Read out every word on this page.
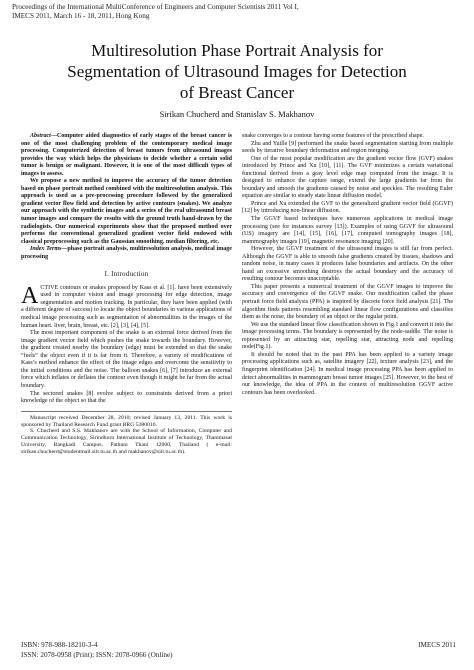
Proceedings of the International MultiConference of Engineers and Computer Scientists 2011 Vol I,
IMECS 2011, March 16 - 18, 2011, Hong Kong
Multiresolution Phase Portrait Analysis for
Segmentation of Ultrasound Images for Detection
of Breast Cancer
Sirikan Chucherd and Stanislav S. Makhanov

Abstract—Computer aided diagnostics of early stages of the breast cancer is one of the most challenging problem of the contemporary medical image processing. Computerized detection of breast tumors from ultrasound images provides the way which helps the physicians to decide whether a certain solid tumor is benign or malignant. However, it is one of the most difficult types of images to assess.

We propose a new method to improve the accuracy of the tumor detection based on phase portrait method combined with the multiresolution analysis. This approach is used as a pre-processing procedure followed by the generalized gradient vector flow field and detection by active contours (snakes). We analyze our approach with the synthetic images and a series of the real ultrasound breast tumor images and compare the results with the ground truth hand-drawn by the radiologists. Our numerical experiments show that the proposed method over performs the conventional generalized gradient vector field endowed with classical preprocessing such as the Gaussian smoothing, median filtering, etc.

Index Terms—phase portrait analysis, multiresolution analysis, medical image processing

I. Introduction

ACTIVE contours or snakes proposed by Kass et al. [1]. have been extensively used in computer vision and image processing for edge detection, image segmentation and motion tracking. In particular, they have been applied (with a different degree of success) to locate the object boundaries in various applications of medical image processing such as segmentation of abnormalities in the images of the human heart. liver, brain, breast, etc. [2], [3], [4], [5].

The most important component of the snake is an external force derived from the image gradient vector field which pushes the snake towards the boundary. However, the gradient created nearby the boundary (edge) must be extended so that the snake “feels” the object even if it is far from it. Therefore, a variety of modifications of Kass’s method enhance the effect of the image edges and overcome the sensitivity to the initial conditions and the noise. The balloon snakes [6], [7] introduce an external force which inflates or deflates the contour even though it might be far from the actual boundary.

The sectored snakes [8] evolve subject to constraints derived from a priori knowledge of the object so that the

Manuscript received December 28, 2010; revised January 13, 2011. This work is sponsored by Thailand Research Fund grant BRG 5380016.

S. Chucherd and S.S. Makhanov are with the School of Information, Computer and Communication Technology, Sirindhorn International Institute of Technology, Thammasat University, Bangkadi Campus, Pathum Thani 12000, Thailand ( e-mail: sirikan.chucherd@studentmail.siit.tu.ac.th and makhanov@siit.tu.ac.th).

snake converges to a contour having some features of the prescribed shape.

Zhu and Yuille [9] performed the snake based segmentation starting from multiple seeds by iterative boundary deformation and region merging.

One of the most popular modification are the gradient vector flow (GVF) snakes introduced by Prince and Xu [10], [11]. The GVF minimizes a certain variational functional derived from a gray level edge map computed from the image. It is designed to enhance the capture range, extend the large gradients far from the boundary and smooth the gradients caused by noise and speckles. The resulting Euler equation are similar to steady state linear diffusion model.

Prince and Xu extended the GVF to the generalized gradient vector field (GGVF) [12] by introducing non-linear diffusion.

The GGVF based techniques have numerous applications in medical image processing (see for instances survey [13]). Examples of using GGVF for ultrasound (US) imagery are [14], [15], [16], [17], computed tomography images [18], mammography images [19], magnetic resonance imaging [20].

However, the GGVF treatment of the ultrasound images is still far from perfect. Although the GGVF is able to smooth false gradients created by tissues, shadows and random noise, in many cases it produces false boundaries and artifacts. On the other hand an excessive smoothing destroys the actual boundary and the accuracy of resulting contour becomes unacceptable.

This paper presents a numerical treatment of the GGVF images to improve the accuracy and convergence of the GGVF snake. Our modification called the phase portrait force field analysis (PPA) is inspired by discrete force field analysis [21]. The algorithm finds patterns resembling standard linear flow configurations and classifies them as the noise, the boundary of an object or the regular point.

We use the standard linear flow classification shown in Fig.1 and convert it into the image processing terms. The boundary is represented by the node-saddle. The noise is represented by an attracting star, repelling star, attracting node and repelling node(Fig.1).

It should be noted that in the past PPA has been applied to a variety image processing applications such as, satellite imagery [22], texture analysis [23], and the fingerprint identification [24]. In medical image processing PPA has been applied to detect abnormalities in mammogram breast tumor images [25]. However, to the best of our knowledge, the idea of PPA in the context of multiresolution GGVF active contours has been overlooked.

ISBN: 978-988-18210-3-4
ISSN: 2078-0958 (Print); ISSN: 2078-0966 (Online)
IMECS 2011
